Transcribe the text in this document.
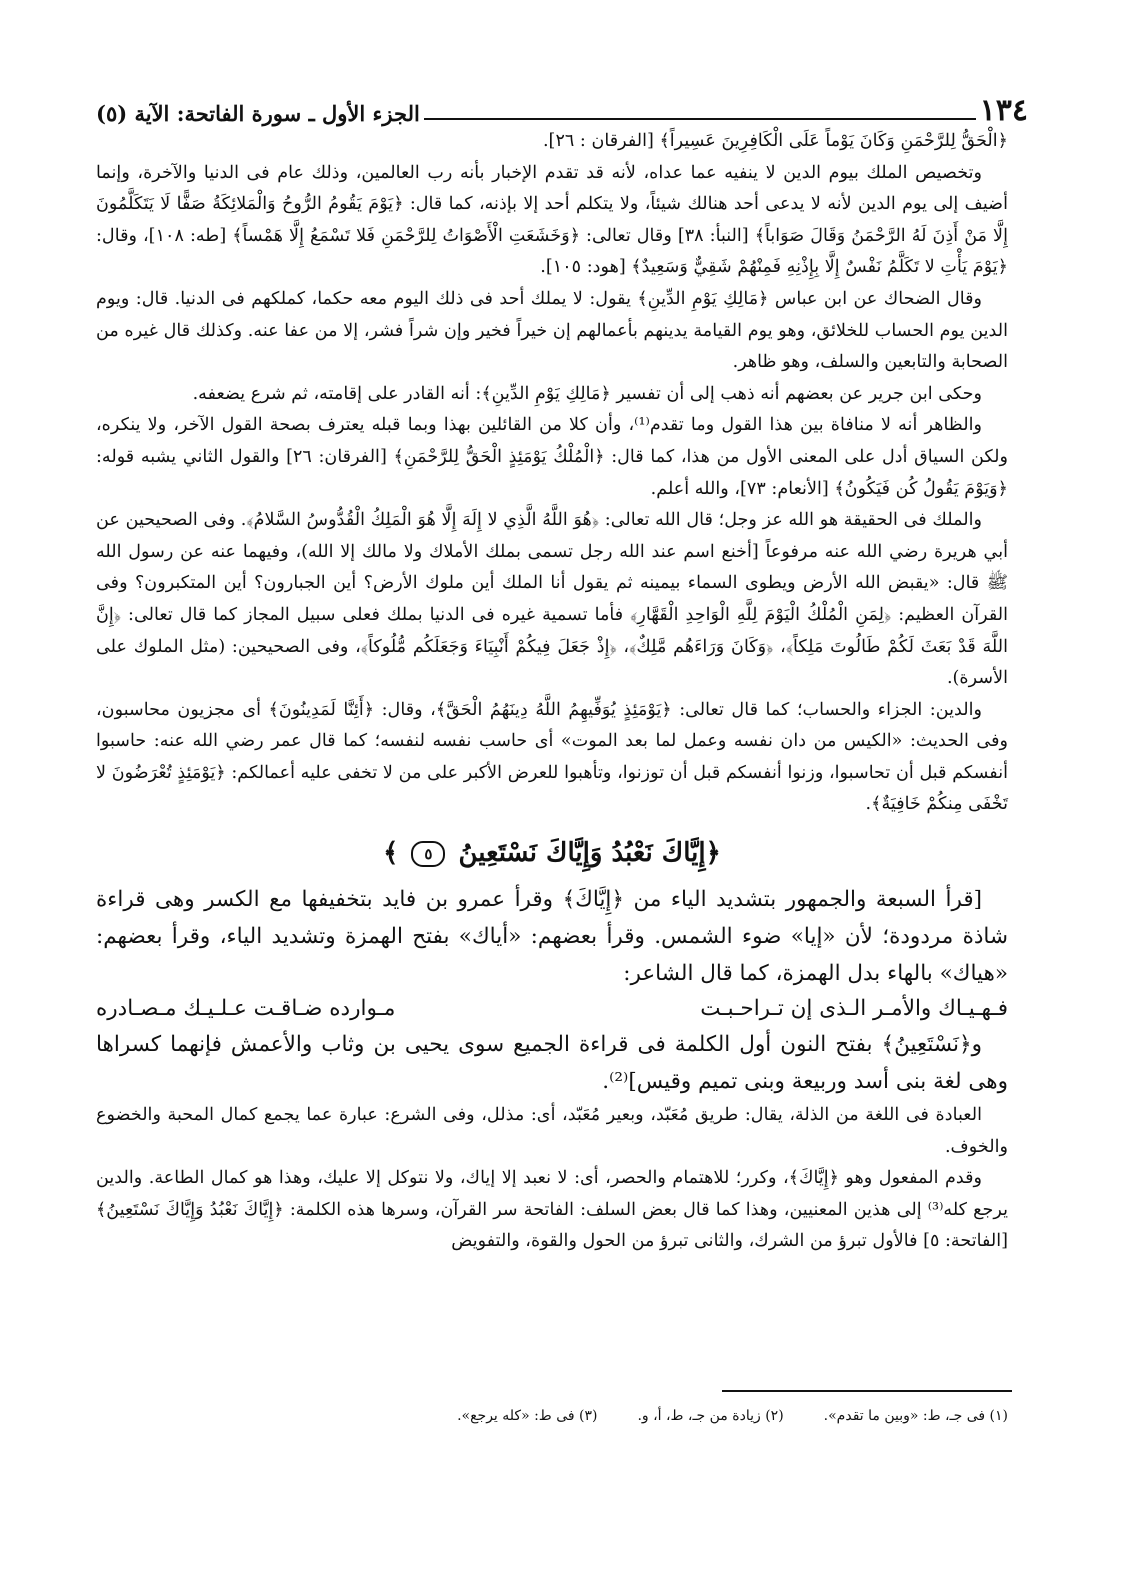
١٣٤
الجزء الأول ـ سورة الفاتحة: الآية (٥)

﴿الْحَقُّ لِلرَّحْمَنِ وَكَانَ يَوْماً عَلَى الْكَافِرِينَ عَسِيراً﴾ [الفرقان : ٢٦].

وتخصيص الملك بيوم الدين لا ينفيه عما عداه، لأنه قد تقدم الإخبار بأنه رب العالمين، وذلك عام فى الدنيا والآخرة، وإنما أضيف إلى يوم الدين لأنه لا يدعى أحد هنالك شيئاً، ولا يتكلم أحد إلا بإذنه، كما قال: ﴿يَوْمَ يَقُومُ الرُّوحُ وَالْمَلائِكَةُ صَفًّا لَا يَتَكَلَّمُونَ إِلَّا مَنْ أَذِنَ لَهُ الرَّحْمَنُ وَقَالَ صَوَاباً﴾ [النبأ: ٣٨] وقال تعالى: ﴿وَخَشَعَتِ الْأَصْوَاتُ لِلرَّحْمَنِ فَلا تَسْمَعُ إِلَّا هَمْساً﴾ [طه: ١٠٨]، وقال: ﴿يَوْمَ يَأْتِ لا تَكَلَّمُ نَفْسٌ إِلَّا بِإِذْنِهِ فَمِنْهُمْ شَقِيٌّ وَسَعِيدٌ﴾ [هود: ١٠٥].

وقال الضحاك عن ابن عباس ﴿مَالِكِ يَوْمِ الدِّينِ﴾ يقول: لا يملك أحد فى ذلك اليوم معه حكما، كملكهم فى الدنيا. قال: ويوم الدين يوم الحساب للخلائق، وهو يوم القيامة يدينهم بأعمالهم إن خيراً فخير وإن شراً فشر، إلا من عفا عنه. وكذلك قال غيره من الصحابة والتابعين والسلف، وهو ظاهر.

وحكى ابن جرير عن بعضهم أنه ذهب إلى أن تفسير ﴿مَالِكِ يَوْمِ الدِّينِ﴾: أنه القادر على إقامته، ثم شرع يضعفه.

والظاهر أنه لا منافاة بين هذا القول وما تقدم⁽¹⁾، وأن كلا من القائلين بهذا وبما قبله يعترف بصحة القول الآخر، ولا ينكره، ولكن السياق أدل على المعنى الأول من هذا، كما قال: ﴿الْمُلْكُ يَوْمَئِذٍ الْحَقُّ لِلرَّحْمَنِ﴾ [الفرقان: ٢٦] والقول الثاني يشبه قوله: ﴿وَيَوْمَ يَقُولُ كُن فَيَكُونُ﴾ [الأنعام: ٧٣]، والله أعلم.

والملك فى الحقيقة هو الله عز وجل؛ قال الله تعالى: ﴿هُوَ اللَّهُ الَّذِي لا إِلَهَ إِلَّا هُوَ الْمَلِكُ الْقُدُّوسُ السَّلامُ﴾. وفى الصحيحين عن أبي هريرة رضي الله عنه مرفوعاً [أخنع اسم عند الله رجل تسمى بملك الأملاك ولا مالك إلا الله)، وفيهما عنه عن رسول الله ﷺ قال: «يقبض الله الأرض ويطوى السماء بيمينه ثم يقول أنا الملك أين ملوك الأرض؟ أين الجبارون؟ أين المتكبرون؟ وفى القرآن العظيم: ﴿لِمَنِ الْمُلْكُ الْيَوْمَ لِلَّهِ الْوَاحِدِ الْقَهَّارِ﴾ فأما تسمية غيره فى الدنيا بملك فعلى سبيل المجاز كما قال تعالى: ﴿إِنَّ اللَّهَ قَدْ بَعَثَ لَكُمْ طَالُوتَ مَلِكاً﴾، ﴿وَكَانَ وَرَاءَهُم مَّلِكٌ﴾، ﴿إِذْ جَعَلَ فِيكُمْ أَنْبِيَاءَ وَجَعَلَكُم مُّلُوكاً﴾، وفى الصحيحين: (مثل الملوك على الأسرة).

والدين: الجزاء والحساب؛ كما قال تعالى: ﴿يَوْمَئِذٍ يُوَفِّيهِمُ اللَّهُ دِينَهُمُ الْحَقَّ﴾، وقال: ﴿أَئِنَّا لَمَدِينُونَ﴾ أى مجزيون محاسبون، وفى الحديث: «الكيس من دان نفسه وعمل لما بعد الموت» أى حاسب نفسه لنفسه؛ كما قال عمر رضي الله عنه: حاسبوا أنفسكم قبل أن تحاسبوا، وزنوا أنفسكم قبل أن توزنوا، وتأهبوا للعرض الأكبر على من لا تخفى عليه أعمالكم: ﴿يَوْمَئِذٍ تُعْرَضُونَ لا تَخْفَى مِنكُمْ خَافِيَةٌ﴾.

﴿إِيَّاكَ نَعْبُدُ وَإِيَّاكَ نَسْتَعِينُ ٥ ﴾

[قرأ السبعة والجمهور بتشديد الياء من ﴿إِيَّاكَ﴾ وقرأ عمرو بن فايد بتخفيفها مع الكسر وهى قراءة شاذة مردودة؛ لأن «إيا» ضوء الشمس. وقرأ بعضهم: «أياك» بفتح الهمزة وتشديد الياء، وقرأ بعضهم: «هياك» بالهاء بدل الهمزة، كما قال الشاعر:

فـهـيـاك والأمـر الـذى إن تـراحـبـت
مـوارده ضـاقـت عـلـيـك مـصـادره

و﴿نَسْتَعِينُ﴾ بفتح النون أول الكلمة فى قراءة الجميع سوى يحيى بن وثاب والأعمش فإنهما كسراها وهى لغة بنى أسد وربيعة وبنى تميم وقيس]⁽²⁾.

العبادة فى اللغة من الذلة، يقال: طريق مُعَبّد، وبعير مُعَبّد، أى: مذلل، وفى الشرع: عبارة عما يجمع كمال المحبة والخضوع والخوف.

وقدم المفعول وهو ﴿إِيَّاكَ﴾، وكرر؛ للاهتمام والحصر، أى: لا نعبد إلا إياك، ولا نتوكل إلا عليك، وهذا هو كمال الطاعة. والدين يرجع كله⁽³⁾ إلى هذين المعنيين، وهذا كما قال بعض السلف: الفاتحة سر القرآن، وسرها هذه الكلمة: ﴿إِيَّاكَ نَعْبُدُ وَإِيَّاكَ نَسْتَعِينُ﴾ [الفاتحة: ٥] فالأول تبرؤ من الشرك، والثانى تبرؤ من الحول والقوة، والتفويض

(١) فى جـ، ط: «وبين ما تقدم».
(٢) زيادة من جـ، ط، أ، و.
(٣) فى ط: «كله يرجع».
